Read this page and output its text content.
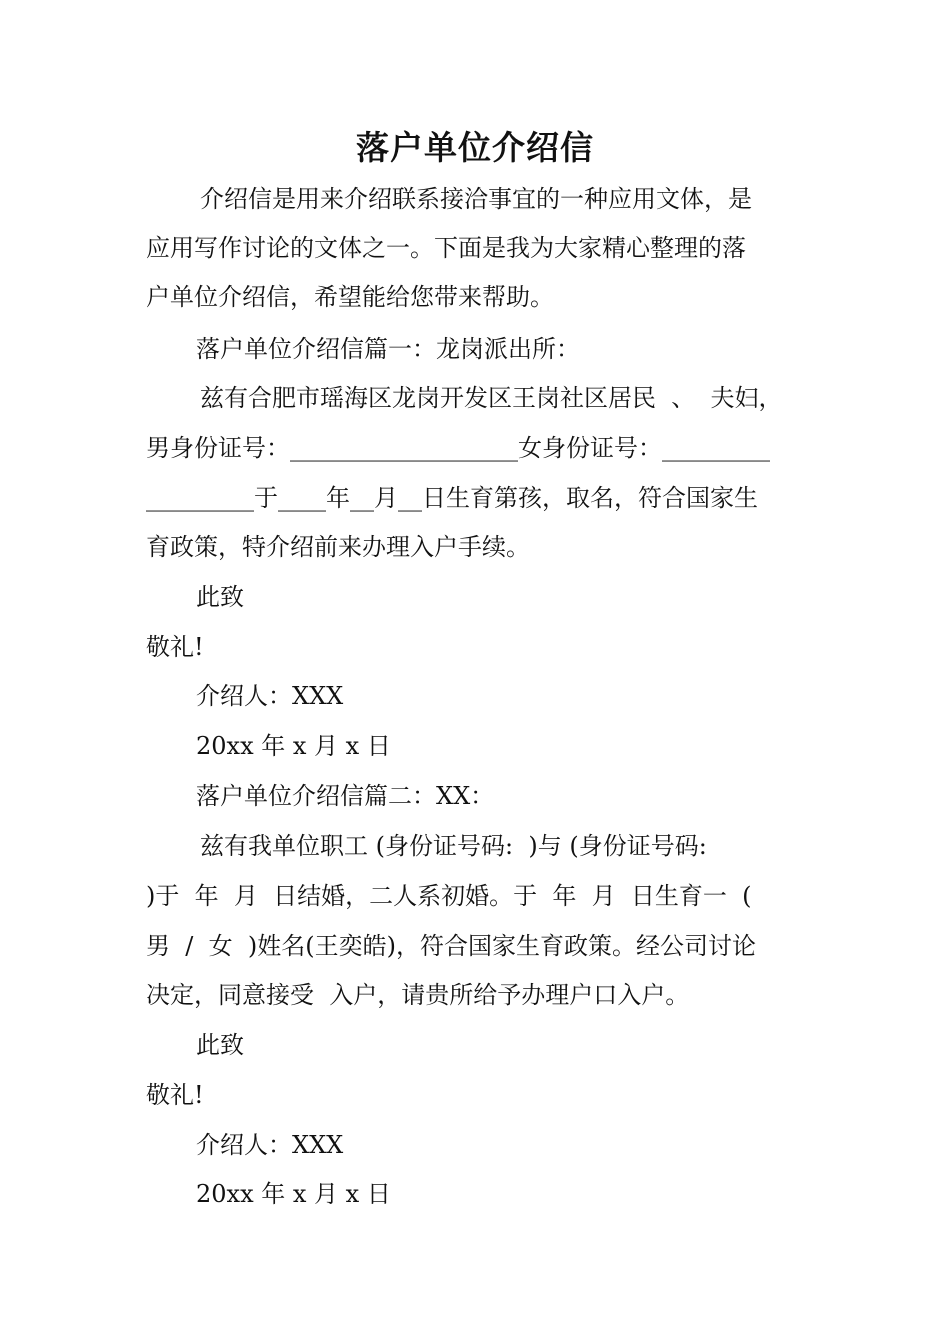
落户单位介绍信
介绍信是用来介绍联系接洽事宜的一种应用文体，是
应用写作讨论的文体之一。下面是我为大家精心整理的落
户单位介绍信，希望能给您带来帮助。
落户单位介绍信篇一：龙岗派出所：
兹有合肥市瑶海区龙岗开发区王岗社区居民  、  夫妇，
男身份证号：___________________女身份证号：_________
_________于____年__月__日生育第孩，取名，符合国家生
育政策，特介绍前来办理入户手续。
此致
敬礼!
介绍人：XXX
20xx 年 x 月 x 日
落户单位介绍信篇二：XX：
兹有我单位职工 (身份证号码:  )与 (身份证号码:
)于  年  月  日结婚，二人系初婚。于  年  月  日生育一  (
男  /  女  )姓名(王奕皓)，符合国家生育政策。经公司讨论
决定，同意接受  入户，请贵所给予办理户口入户。
此致
敬礼!
介绍人：XXX
20xx 年 x 月 x 日
